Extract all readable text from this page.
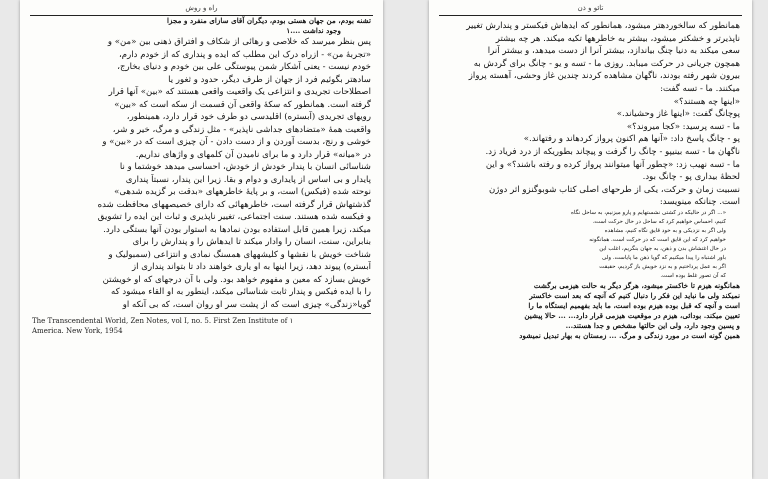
راه و روش
تشنه بودم، من جهان هستی بودم، دیگران آقای سازای منفرد و مجزا
وجود نداشت ....۱
پس بنظر میرسد که خلاصی و رهائی از شکاف و افتراق ذهنی بین «من» و
«تجربهٔ من» - ازراه درک این مطلب که ایده و پنداری که از خودم دارم،
خودم نیست - یعنی آشکار شمن پیوستگی علی بین خودم و دنیای بخارج،
سادهتر بگوئیم فرد از جهان از طرف دیگر، حدود و ثغور یا
اصطلاحات تجریدی و انتزاعی یک واقعیت واقعی هستند که «بین» آنها قرار
گرفته است. همانطور که سکهٔ واقعی آن قسمت از سکه است که «بین»
رویهای تجریدی (آبستره) اقلیدسی دو طرف خود قرار دارد، همینطور،
واقعیت همهٔ «متضادهای جداشی ناپذیر» - مثل زندگی و مرگ، خیر و شر،
خوشی و رنج، بدست آوردن و از دست دادن - آن چیزی است که در «بین» و
در «میانه» قرار دارد و ما برای نامیدن آن کلمهای و واژهای نداریم.
شناسائی انسان با پندار خودش از خودش، احساسی میدهد خوشتما و نا
پایدار و بی اساس از پایداری و دوام و بقا. زیرا این پندار، نسبتاً پنداری
نوحته شده (فیکس) است، و بر پایهٔ خاطرههای «بدقت بر گزیده شدهی»
گذشتهاش قرار گرفته است، خاطرههائی که دارای خصیصههای محافظت شده
و فیکسه شده هستند. سنت اجتماعی، تغییر ناپذیری و ثبات این ایده را تشویق
میکند، زیرا همین قابل استفاده بودن نمادها به استوار بودن آنها بستگی دارد.
بنابراین، سنت، انسان را وادار میکند تا ایدهاش را و پندارش را برای
شناخت خویش با نقشها و کلیشههای همسنگ نمادی و انتزاعی (سمبولیک و
آبستره) پیوند دهد، زیرا اینها به او یاری خواهند داد تا بتواند پنداری از
خویش بسازد که معین و مفهوم خواهد بود. ولی با آن درجهای که او خویشتن
را با ایده فیکس و پندار ثابت شناسائی میکند، اینطور به او القاء میشود که
گویا«زندگی» چیزی است که از پشت سر او روان است، که بی آنکه او
The Transcendental World, Zen Notes, vol I, no. 5. First Zen Institute of ۱
America. New York, 1954
تائو و ذن
همانطور که سالخوردهتر میشود، همانطور که ایدهاش فیکستر و پندارش تغییر
ناپذیرتر و خشکتر میشود، بیشتر به خاطرهها تکیه میکند. هر چه بیشتر
سعی میکند به دنیا چنگ بیاندازد، بیشتر آنرا از دست میدهد، و بیشتر آنرا
همچون جریانی در حرکت میبابد. روزی ما - تسه و یو - چانگ برای گردش به
بیرون شهر رفته بودند، ناگهان مشاهده کردند چندین غاز وحشی، آهسته پرواز
میکنند. ما - تسه گفت:
«اینها چه هستند؟»
پوچانگ گفت: «اینها غاز وحشیاند.»
ما - تسه پرسید: «کجا میروند؟»
پو - چانگ پاسخ داد: «آنها هم اکنون پرواز کردهاند و رفتهاند.»
ناگهان ما - تسه بینیپو - چانگ را گرفت و پیچاند بطوریکه از درد فریاد زد.
ما - تسه نهیب زد: «چطور آنها میتوانند پرواز کرده و رفته باشند؟» و این
لحظهٔ بیداری پو - چانگ بود.
نسبیت زمان و حرکت، یکی از طرحهای اصلی کتاب شوبوگنزو اثر دوژن
است. چنانکه مینویسد:
«... اگر در حالیکه در کشتی نشستهایم و پارو میزنیم، به ساحل نگاه
کنیم، احساس خواهیم کرد که ساحل در حال حرکت است،
ولی اگر به نزدیکی و به خود قایق نگاه کنیم، مشاهده
خواهیم کرد که این قایق است که در حرکت است. همانگونه
در حال اغتشاش بدن و ذهن، به جهان بنگریم، اغلب این
باور اشتباه را پیدا میکنیم که گویا ذهن ما پایاست. ولی
اگر به عمل پرداختیم و به نزد خویش باز گردیم، حقیقت
که آن تصور غلط بوده است.
همانگونه هیزم تا خاکستر میشود، هرگز دیگر به حالت هیزمی برگشت
نمیکند ولی ما نباید این فکر را دنبال کنیم که آنچه که بعد است خاکستر
است و آنچه که قبل بوده هیزم بوده است، ما باید بفهمیم ایستگاه ما را
تعیین میکند. بودائی، هیزم در موقعیت هیزمی قرار دارد... ... حالا پیشین
و پسین وجود دارد، ولی این حالتها مشخص و جدا هستند...
همین گونه است در مورد زندگی و مرگ. ... زمستان به بهار تبدیل نمیشود
